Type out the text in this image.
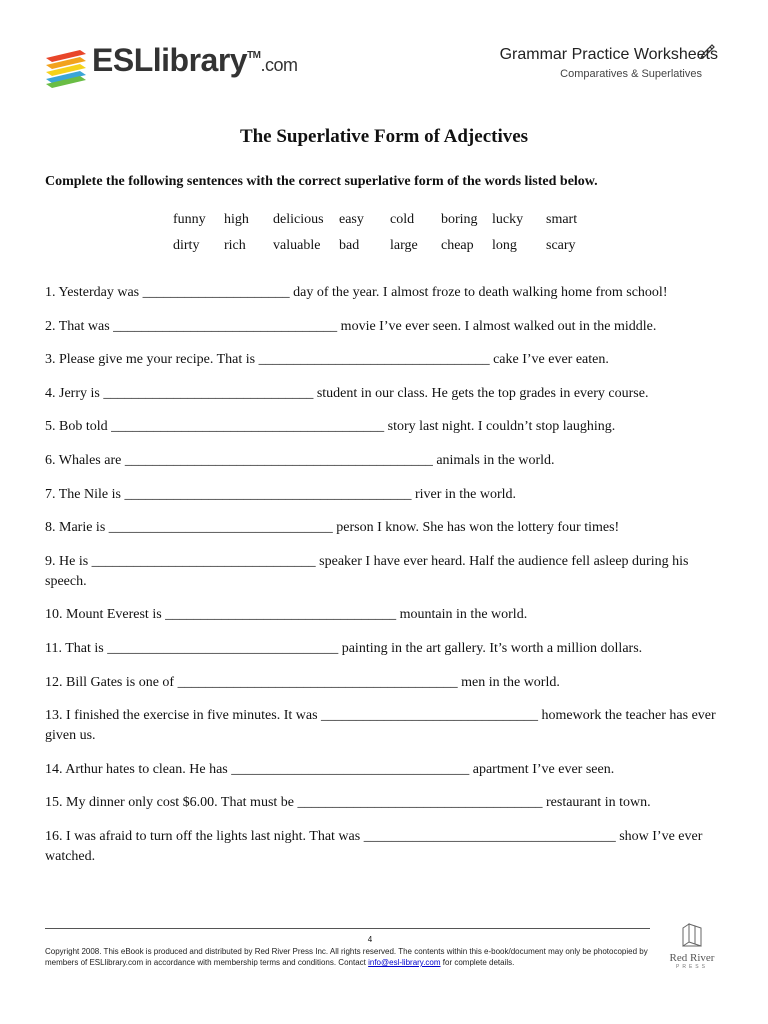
ESLlibrary™.com
Grammar Practice Worksheets
Comparatives & Superlatives
The Superlative Form of Adjectives
Complete the following sentences with the correct superlative form of the words listed below.
funny	high	delicious	easy	cold	boring	lucky	smart
dirty	rich	valuable	bad	large	cheap	long	scary
1. Yesterday was _____________________ day of the year. I almost froze to death walking home from school!
2. That was ________________________________ movie I’ve ever seen. I almost walked out in the middle.
3. Please give me your recipe. That is _________________________________ cake I’ve ever eaten.
4. Jerry is ______________________________ student in our class. He gets the top grades in every course.
5. Bob told _______________________________________ story last night. I couldn’t stop laughing.
6. Whales are ____________________________________________ animals in the world.
7. The Nile is _________________________________________ river in the world.
8. Marie is ________________________________ person I know. She has won the lottery four times!
9. He is ________________________________ speaker I have ever heard. Half the audience fell asleep during his speech.
10. Mount Everest is _________________________________ mountain in the world.
11. That is _________________________________ painting in the art gallery. It’s worth a million dollars.
12. Bill Gates is one of ________________________________________ men in the world.
13. I finished the exercise in five minutes. It was _______________________________ homework the teacher has ever given us.
14. Arthur hates to clean. He has __________________________________ apartment I’ve ever seen.
15. My dinner only cost $6.00. That must be ___________________________________ restaurant in town.
16. I was afraid to turn off the lights last night. That was ____________________________________ show I’ve ever watched.
4
Copyright 2008. This eBook is produced and distributed by Red River Press Inc. All rights reserved. The contents within this e-book/document may only be photocopied by members of ESLlibrary.com in accordance with membership terms and conditions. Contact info@esl-library.com for complete details.	Red River
PRESS
